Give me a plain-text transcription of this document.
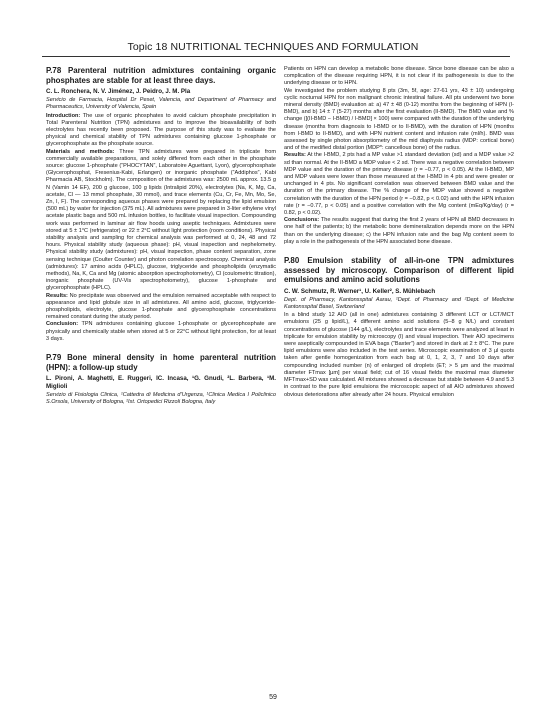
Topic 18 NUTRITIONAL TECHNIQUES AND FORMULATION

P.78 Parenteral nutrition admixtures containing organic phosphates are stable for at least three days.

C. L. Ronchera, N. V. Jiménez, J. Peidro, J. M. Pla

Servicio de Farmacia, Hospital Dr Peset, Valencia, and Department of Pharmacy and Pharmaceutics, University of Valencia, Spain

Introduction: The use of organic phosphates to avoid calcium phosphate precipitation in Total Parenteral Nutrition (TPN) admixtures and to improve the bioavailability of both electrolytes has recently been proposed. The purpose of this study was to evaluate the physical and chemical stability of TPN admixtures containing glucose 1-phosphate or glycerophosphate as the phosphate source.

Materials and methods: Three TPN admixtures were prepared in triplicate from commercially available preparations, and solely differed from each other in the phosphate source: glucose 1-phosphate (“PHOCYTAN”, Laboratoire Aguettant, Lyon), glycerophosphate (Glycerophosphat, Fresenius-Kabi, Erlangen) or inorganic phosphate (“Addiphos”, Kabi Pharmacia AB, Stockholm). The composition of the admixtures was: 2500 mL approx. 13.5 g N (Vamin 14 EF), 200 g glucose, 100 g lipids (Intralipid 20%), electrolytes (Na, K, Mg, Ca, acetate, Cl — 13 mmol phosphate, 30 mmol), and trace elements (Cu, Cr, Fe, Mn, Mo, Se, Zn, I, F). The corresponding aqueous phases were prepared by replacing the lipid emulsion (500 mL) by water for injection (375 mL). All admixtures were prepared in 3-liter ethylene vinyl acetate plastic bags and 500 mL infusion bottles, to facilitate visual inspection. Compounding work was performed in laminar air flow hoods using aseptic techniques. Admixtures were stored at 5 ± 1°C (refrigerator) or 22 ± 2°C without light protection (room conditions). Physical stability analysis and sampling for chemical analysis was performed at 0, 24, 48 and 72 hours. Physical stability study (aqueous phase): pH, visual inspection and nephelometry. Physical stability study (admixtures): pH, visual inspection, phase content separation, zone sensing technique (Coulter Counter) and photon correlation spectroscopy. Chemical analysis (admixtures): 17 amino acids (HPLC), glucose, triglyceride and phospholipids (enzymatic methods), Na, K, Ca and Mg (atomic absorption spectrophotometry), Cl (coulometric titration), inorganic phosphate (UV-Vis spectrophotometry), glucose 1-phosphate and glycerophosphate (HPLC).

Results: No precipitate was observed and the emulsion remained acceptable with respect to appearance and lipid globule size in all admixtures. All amino acid, glucose, triglyceride-phospholipids, electrolyte, glucose 1-phosphate and glycerophosphate concentrations remained constant during the study period.

Conclusion: TPN admixtures containing glucose 1-phosphate or glycerophosphate are physically and chemically stable when stored at 5 or 22°C without light protection, for at least 3 days.

P.79 Bone mineral density in home parenteral nutrition (HPN): a follow-up study

L. Pironi, A. Maghetti, E. Ruggeri, IC. Incasa, ¹G. Gnudi, ²L. Barbera, ¹M. Miglioli

Servizio di Fisiologia Clinica, ¹Cattedra di Medicina d’Urgenza, ¹Clinica Medica I Policlinico S.Orsola, University of Bologna, ²Ist. Ortopedici Rizzoli Bologna, Italy

Patients on HPN can develop a metabolic bone disease. Since bone disease can be also a complication of the disease requiring HPN, it is not clear if its pathogenesis is due to the underlying disease or to HPN.

We investigated the problem studying 8 pts (3m, 5f, age: 27-61 yrs, 43 ± 10) undergoing cyclic nocturnal HPN for non malignant chronic intestinal failure. All pts underwent two bone mineral density (BMD) evaluation at: a) 47 ± 48 (0-12) months from the beginning of HPN (I-BMD), and b) 14 ± 7 (5-27) months after the first evaluation (II-BMD). The BMD value and % change ([(II-BMD − I-BMD) / I-BMD] × 100) were compared with the duration of the underlying disease (months from diagnosis to I-BMD or to II-BMD), with the duration of HPN (months from I-BMD to II-BMD), and with HPN nutrient content and infusion rate (ml/h). BMD was assessed by single photon absorptiometry of the mid diaphysis radius (MDP: cortical bone) and of the medified distal portion (MDP*: cancellous bone) of the radius.

Results: At the I-BMD, 2 pts had a MP value >1 standard deviation (sd) and a MDP value >2 sd than normal. At the II-BMD a MDP value < 2 sd. There was a negative correlation between MDP value and the duration of the primary disease (r = −0.77, p < 0.05). At the II-BMD, MP and MDP values were lower than those measured at the I-BMD in 4 pts and were greater or unchanged in 4 pts. No significant correlation was observed between BMD value and the duration of the primary disease. The % change of the MDP value showed a negative correlation with the duration of the HPN period (r = −0.82, p < 0.02) and with the HPN infusion rate (r = −0.77, p < 0.05) and a positive correlation with the Mg content (mEq/Kg/day) (r = 0.82, p < 0.02).

Conclusions: The results suggest that during the first 2 years of HPN all BMD decreases in one half of the patients; b) the metabolic bone demineralization depends more on the HPN than on the underlying disease; c) the HPN infusion rate and the bag Mg content seem to play a role in the pathogenesis of the HPN associated bone disease.

P.80 Emulsion stability of all-in-one TPN admixtures assessed by microscopy. Comparison of different lipid emulsions and amino acid solutions

C. W. Schmutz, R. Werner¹, U. Keller², S. Mühlebach

Dept. of Pharmacy, Kantonsspital Aarau, ¹Dept. of Pharmacy and ²Dept. of Medicine Kantonsspital Basel, Switzerland

In a blind study 12 AIO (all in one) admixtures containing 3 different LCT or LCT/MCT emulsions (25 g lipid/L), 4 different amino acid solutions (5–8 g N/L) and constant concentrations of glucose (144 g/L), electrolytes and trace elements were analyzed at least in triplicate for emulsion stability by microscopy (I) and visual inspection. Their AIO specimens were aseptically compounded in EVA bags (“Baxter”) and stored in dark at 2 ± 8°C. The pure lipid emulsions were also included in the test series. Microscopic examination of 3 µl quots taken after gentle homogenization from each bag at 0, 1, 2, 3, 7 and 10 days after compounding included number (n) of enlarged oil droplets (ET; > 5 µm and the maximal diameter FTmax [µm] per visual field; cut of 16 visual fields the maximal max diameter MFTmax+SD was calculated. All mixtures showed a decrease but stable between 4.9 and 5.3 in contrast to the pure lipid emulsions the microscopic aspect of all AIO admixtures showed obvious deteriorations after already after 24 hours. Physical emulsion

59
